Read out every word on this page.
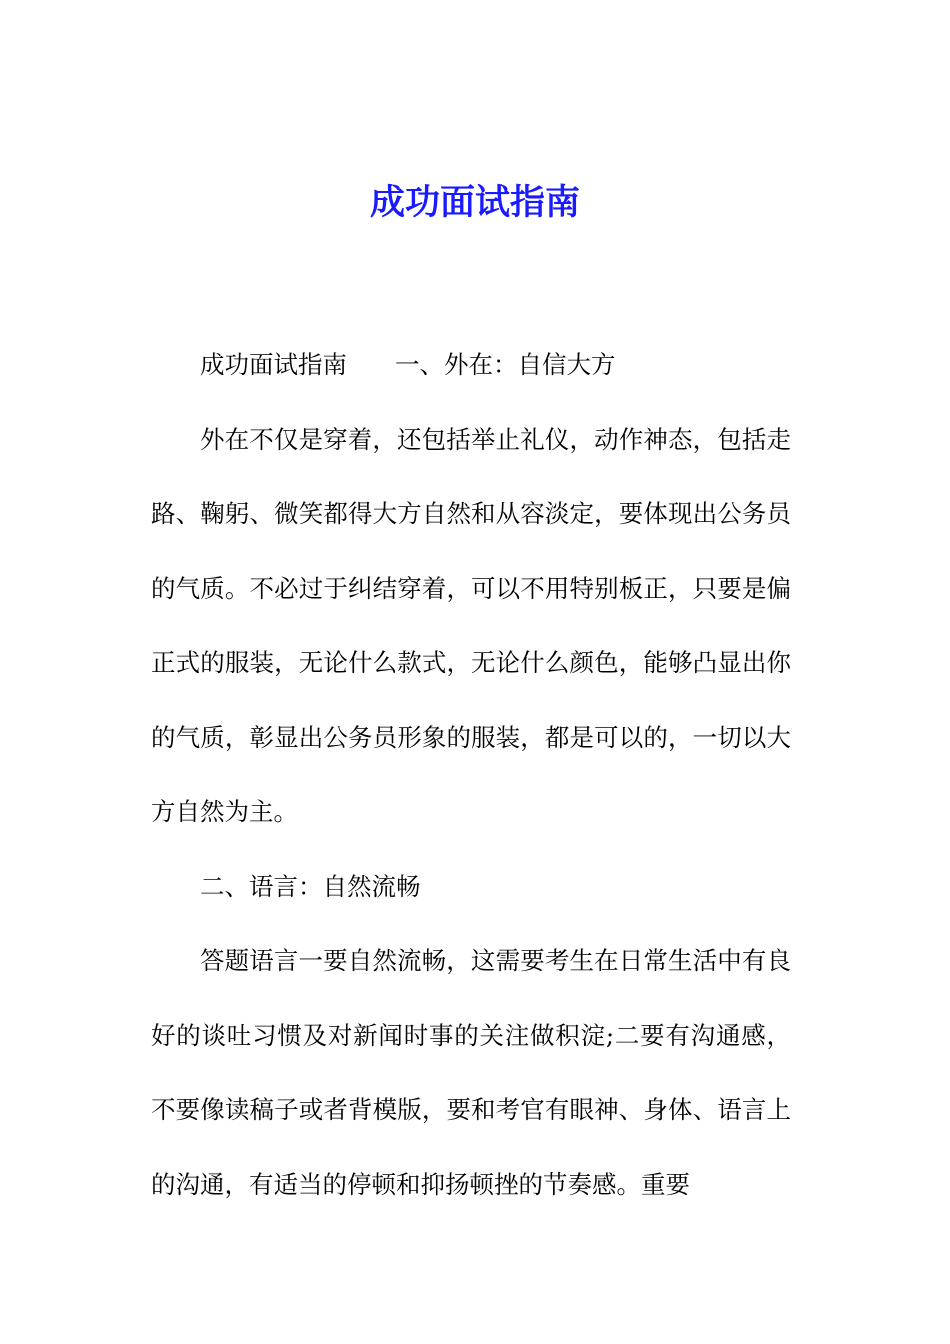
成功面试指南

成功面试指南 一、外在：自信大方

外在不仅是穿着，还包括举止礼仪，动作神态，包括走路、鞠躬、微笑都得大方自然和从容淡定，要体现出公务员的气质。不必过于纠结穿着，可以不用特别板正，只要是偏正式的服装，无论什么款式，无论什么颜色，能够凸显出你的气质，彰显出公务员形象的服装，都是可以的，一切以大方自然为主。

二、语言：自然流畅

答题语言一要自然流畅，这需要考生在日常生活中有良好的谈吐习惯及对新闻时事的关注做积淀;二要有沟通感，不要像读稿子或者背模版，要和考官有眼神、身体、语言上的沟通，有适当的停顿和抑扬顿挫的节奏感。重要
